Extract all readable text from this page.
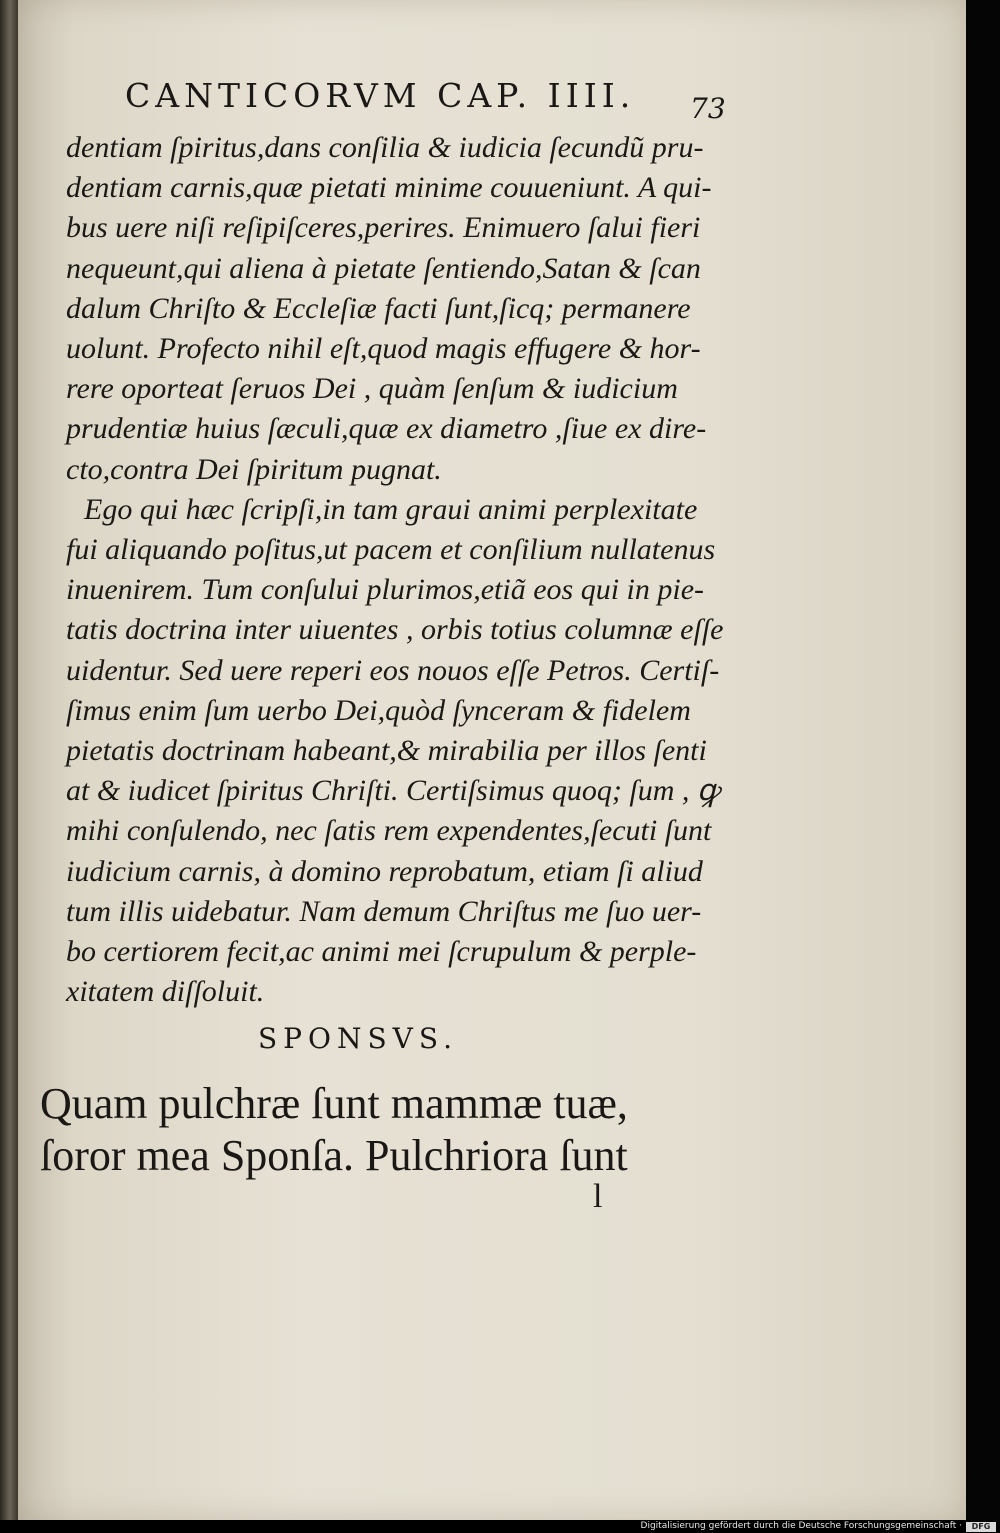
CANTICORVM CAP. IIII.	73
dentiam ſpiritus,dans conſilia & iudicia ſecundũ pru-
dentiam carnis,quæ pietati minime couueniunt. A qui-
bus uere niſi reſipiſceres,perires. Enimuero ſalui fieri
nequeunt,qui aliena à pietate ſentiendo,Satan & ſcan
dalum Chriſto & Eccleſiæ facti ſunt,ſicq; permanere
uolunt. Profecto nihil eſt,quod magis effugere & hor-
rere oporteat ſeruos Dei , quàm ſenſum & iudicium
prudentiæ huius ſæculi,quæ ex diametro ,ſiue ex dire-
cto,contra Dei ſpiritum pugnat.
Ego qui hæc ſcripſi,in tam graui animi perplexitate
fui aliquando poſitus,ut pacem et conſilium nullatenus
inuenirem. Tum conſului plurimos,etiã eos qui in pie-
tatis doctrina inter uiuentes , orbis totius columnæ eſſe
uidentur. Sed uere reperi eos nouos eſſe Petros. Certiſ-
ſimus enim ſum uerbo Dei,quòd ſynceram & fidelem
pietatis doctrinam habeant,& mirabilia per illos ſenti
at & iudicet ſpiritus Chriſti. Certiſsimus quoq; ſum , ꝙ
mihi conſulendo, nec ſatis rem expendentes,ſecuti ſunt
iudicium carnis, à domino reprobatum, etiam ſi aliud
tum illis uidebatur. Nam demum Chriſtus me ſuo uer-
bo certiorem fecit,ac animi mei ſcrupulum & perple-
xitatem diſſoluit.
SPONSVS.
Quam pulchræ ſunt mammæ tuæ,
ſoror mea Sponſa. Pulchriora ſunt
l
Digitalisierung gefördert durch die Deutsche Forschungsgemeinschaft ·	DFG
